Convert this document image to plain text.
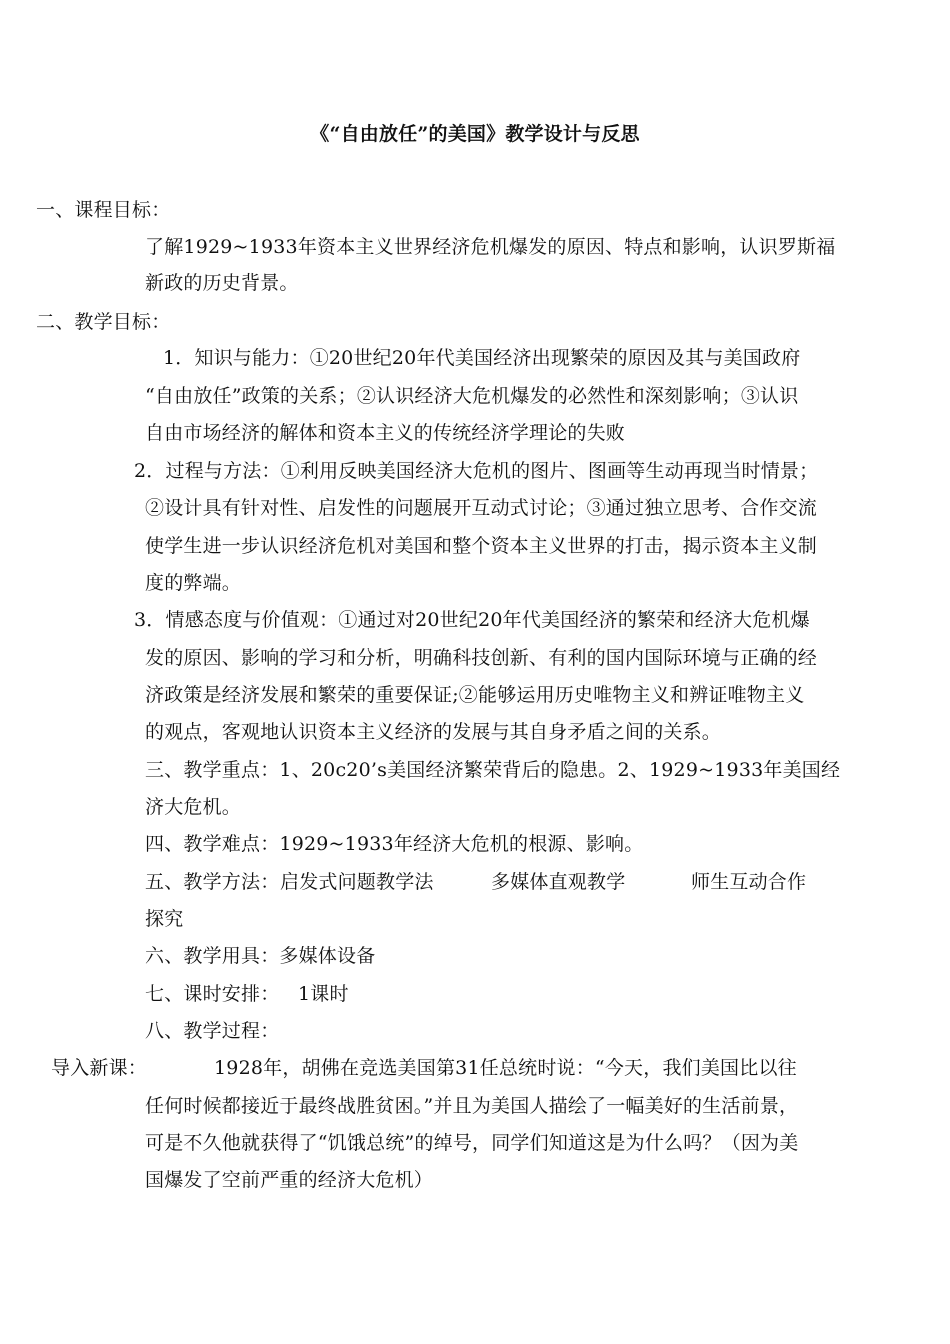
《“自由放任”的美国》教学设计与反思

一、课程目标：

了解1929~1933年资本主义世界经济危机爆发的原因、特点和影响，认识罗斯福

新政的历史背景。

二、教学目标：

1．知识与能力：①20世纪20年代美国经济出现繁荣的原因及其与美国政府

“自由放任”政策的关系；②认识经济大危机爆发的必然性和深刻影响；③认识

自由市场经济的解体和资本主义的传统经济学理论的失败

2．过程与方法：①利用反映美国经济大危机的图片、图画等生动再现当时情景；

②设计具有针对性、启发性的问题展开互动式讨论；③通过独立思考、合作交流

使学生进一步认识经济危机对美国和整个资本主义世界的打击，揭示资本主义制

度的弊端。

3．情感态度与价值观：①通过对20世纪20年代美国经济的繁荣和经济大危机爆

发的原因、影响的学习和分析，明确科技创新、有利的国内国际环境与正确的经

济政策是经济发展和繁荣的重要保证;②能够运用历史唯物主义和辨证唯物主义

的观点，客观地认识资本主义经济的发展与其自身矛盾之间的关系。

三、教学重点：1、20c20’s美国经济繁荣背后的隐患。2、1929~1933年美国经

济大危机。

四、教学难点：1929~1933年经济大危机的根源、影响。

五、教学方法： 启发式问题教学法	多媒体直观教学	师生互动合作

探究

六、教学用具：多媒体设备

七、课时安排： 1课时

八、教学过程：

导入新课：	1928年，胡佛在竞选美国第31任总统时说：“今天，我们美国比以往

任何时候都接近于最终战胜贫困。”并且为美国人描绘了一幅美好的生活前景，

可是不久他就获得了“饥饿总统”的绰号，同学们知道这是为什么吗？（因为美

国爆发了空前严重的经济大危机）
